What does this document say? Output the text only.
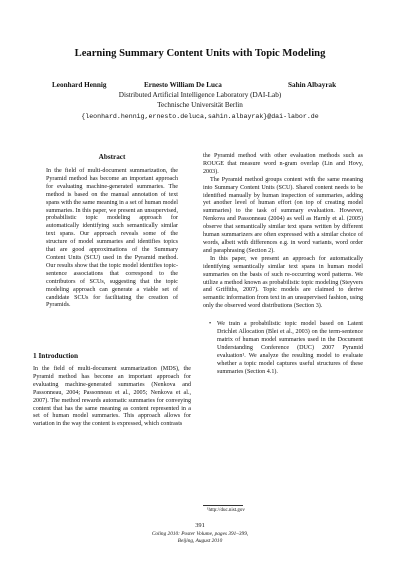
Learning Summary Content Units with Topic Modeling
Leonhard Hennig	Ernesto William De Luca	Sahin Albayrak
Distributed Artificial Intelligence Laboratory (DAI-Lab)
Technische Universität Berlin
{leonhard.hennig,ernesto.deluca,sahin.albayrak}@dai-labor.de
Abstract

In the field of multi-document summarization, the Pyramid method has become an important approach for evaluating machine-generated summaries. The method is based on the manual annotation of text spans with the same meaning in a set of human model summaries. In this paper, we present an unsupervised, probabilistic topic modeling approach for automatically identifying such semantically similar text spans. Our approach reveals some of the structure of model summaries and identifies topics that are good approximations of the Summary Content Units (SCU) used in the Pyramid method. Our results show that the topic model identifies topic-sentence associations that correspond to the contributors of SCUs, suggesting that the topic modeling approach can generate a viable set of candidate SCUs for facilitating the creation of Pyramids.

1 Introduction

In the field of multi-document summarization (MDS), the Pyramid method has become an important approach for evaluating machine-generated summaries (Nenkova and Passonneau, 2004; Passonneau et al., 2005; Nenkova et al., 2007). The method rewards automatic summaries for conveying content that has the same meaning as content represented in a set of human model summaries. This approach allows for variation in the way the content is expressed, which contrasts

the Pyramid method with other evaluation methods such as ROUGE that measure word n-gram overlap (Lin and Hovy, 2003).

The Pyramid method groups content with the same meaning into Summary Content Units (SCU). Shared content needs to be identified manually by human inspection of summaries, adding yet another level of human effort (on top of creating model summaries) to the task of summary evaluation. However, Nenkova and Passonneau (2004) as well as Harnly et al. (2005) observe that semantically similar text spans written by different human summarizers are often expressed with a similar choice of words, albeit with differences e.g. in word variants, word order and paraphrasing (Section 2).

In this paper, we present an approach for automatically identifying semantically similar text spans in human model summaries on the basis of such re-occurring word patterns. We utilize a method known as probabilistic topic modeling (Steyvers and Griffiths, 2007). Topic models are claimed to derive semantic information from text in an unsupervised fashion, using only the observed word distributions (Section 3).

• We train a probabilistic topic model based on Latent Drichlet Allocation (Blei et al., 2003) on the term-sentence matrix of human model summaries used in the Document Understanding Conference (DUC) 2007 Pyramid evaluation¹. We analyze the resulting model to evaluate whether a topic model captures useful structures of these summaries (Section 4.1).
¹http://duc.nist.gov
391
Coling 2010: Poster Volume, pages 391–399,
Beijing, August 2010
